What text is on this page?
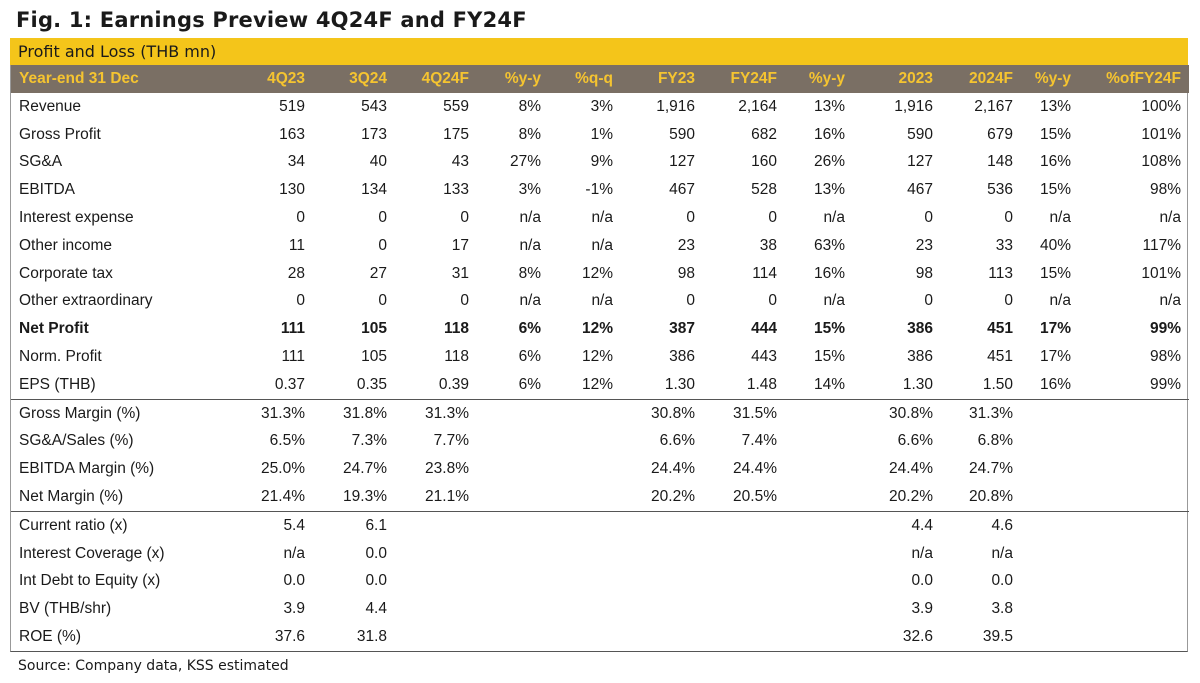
Fig. 1: Earnings Preview 4Q24F and FY24F
Profit and Loss (THB mn)
Year-end 31 Dec	4Q23	3Q24	4Q24F	%y-y	%q-q	FY23	FY24F	%y-y	2023	2024F	%y-y	%ofFY24F
Revenue	519	543	559	8%	3%	1,916	2,164	13%	1,916	2,167	13%	100%
Gross Profit	163	173	175	8%	1%	590	682	16%	590	679	15%	101%
SG&A	34	40	43	27%	9%	127	160	26%	127	148	16%	108%
EBITDA	130	134	133	3%	-1%	467	528	13%	467	536	15%	98%
Interest expense	0	0	0	n/a	n/a	0	0	n/a	0	0	n/a	n/a
Other income	11	0	17	n/a	n/a	23	38	63%	23	33	40%	117%
Corporate tax	28	27	31	8%	12%	98	114	16%	98	113	15%	101%
Other extraordinary	0	0	0	n/a	n/a	0	0	n/a	0	0	n/a	n/a
Net Profit	111	105	118	6%	12%	387	444	15%	386	451	17%	99%
Norm. Profit	111	105	118	6%	12%	386	443	15%	386	451	17%	98%
EPS (THB)	0.37	0.35	0.39	6%	12%	1.30	1.48	14%	1.30	1.50	16%	99%
Gross Margin (%)	31.3%	31.8%	31.3%			30.8%	31.5%		30.8%	31.3%		
SG&A/Sales (%)	6.5%	7.3%	7.7%			6.6%	7.4%		6.6%	6.8%		
EBITDA Margin (%)	25.0%	24.7%	23.8%			24.4%	24.4%		24.4%	24.7%		
Net Margin (%)	21.4%	19.3%	21.1%			20.2%	20.5%		20.2%	20.8%		
Current ratio (x)	5.4	6.1							4.4	4.6		
Interest Coverage (x)	n/a	0.0							n/a	n/a		
Int Debt to Equity (x)	0.0	0.0							0.0	0.0		
BV (THB/shr)	3.9	4.4							3.9	3.8		
ROE (%)	37.6	31.8							32.6	39.5		
Source: Company data, KSS estimated
